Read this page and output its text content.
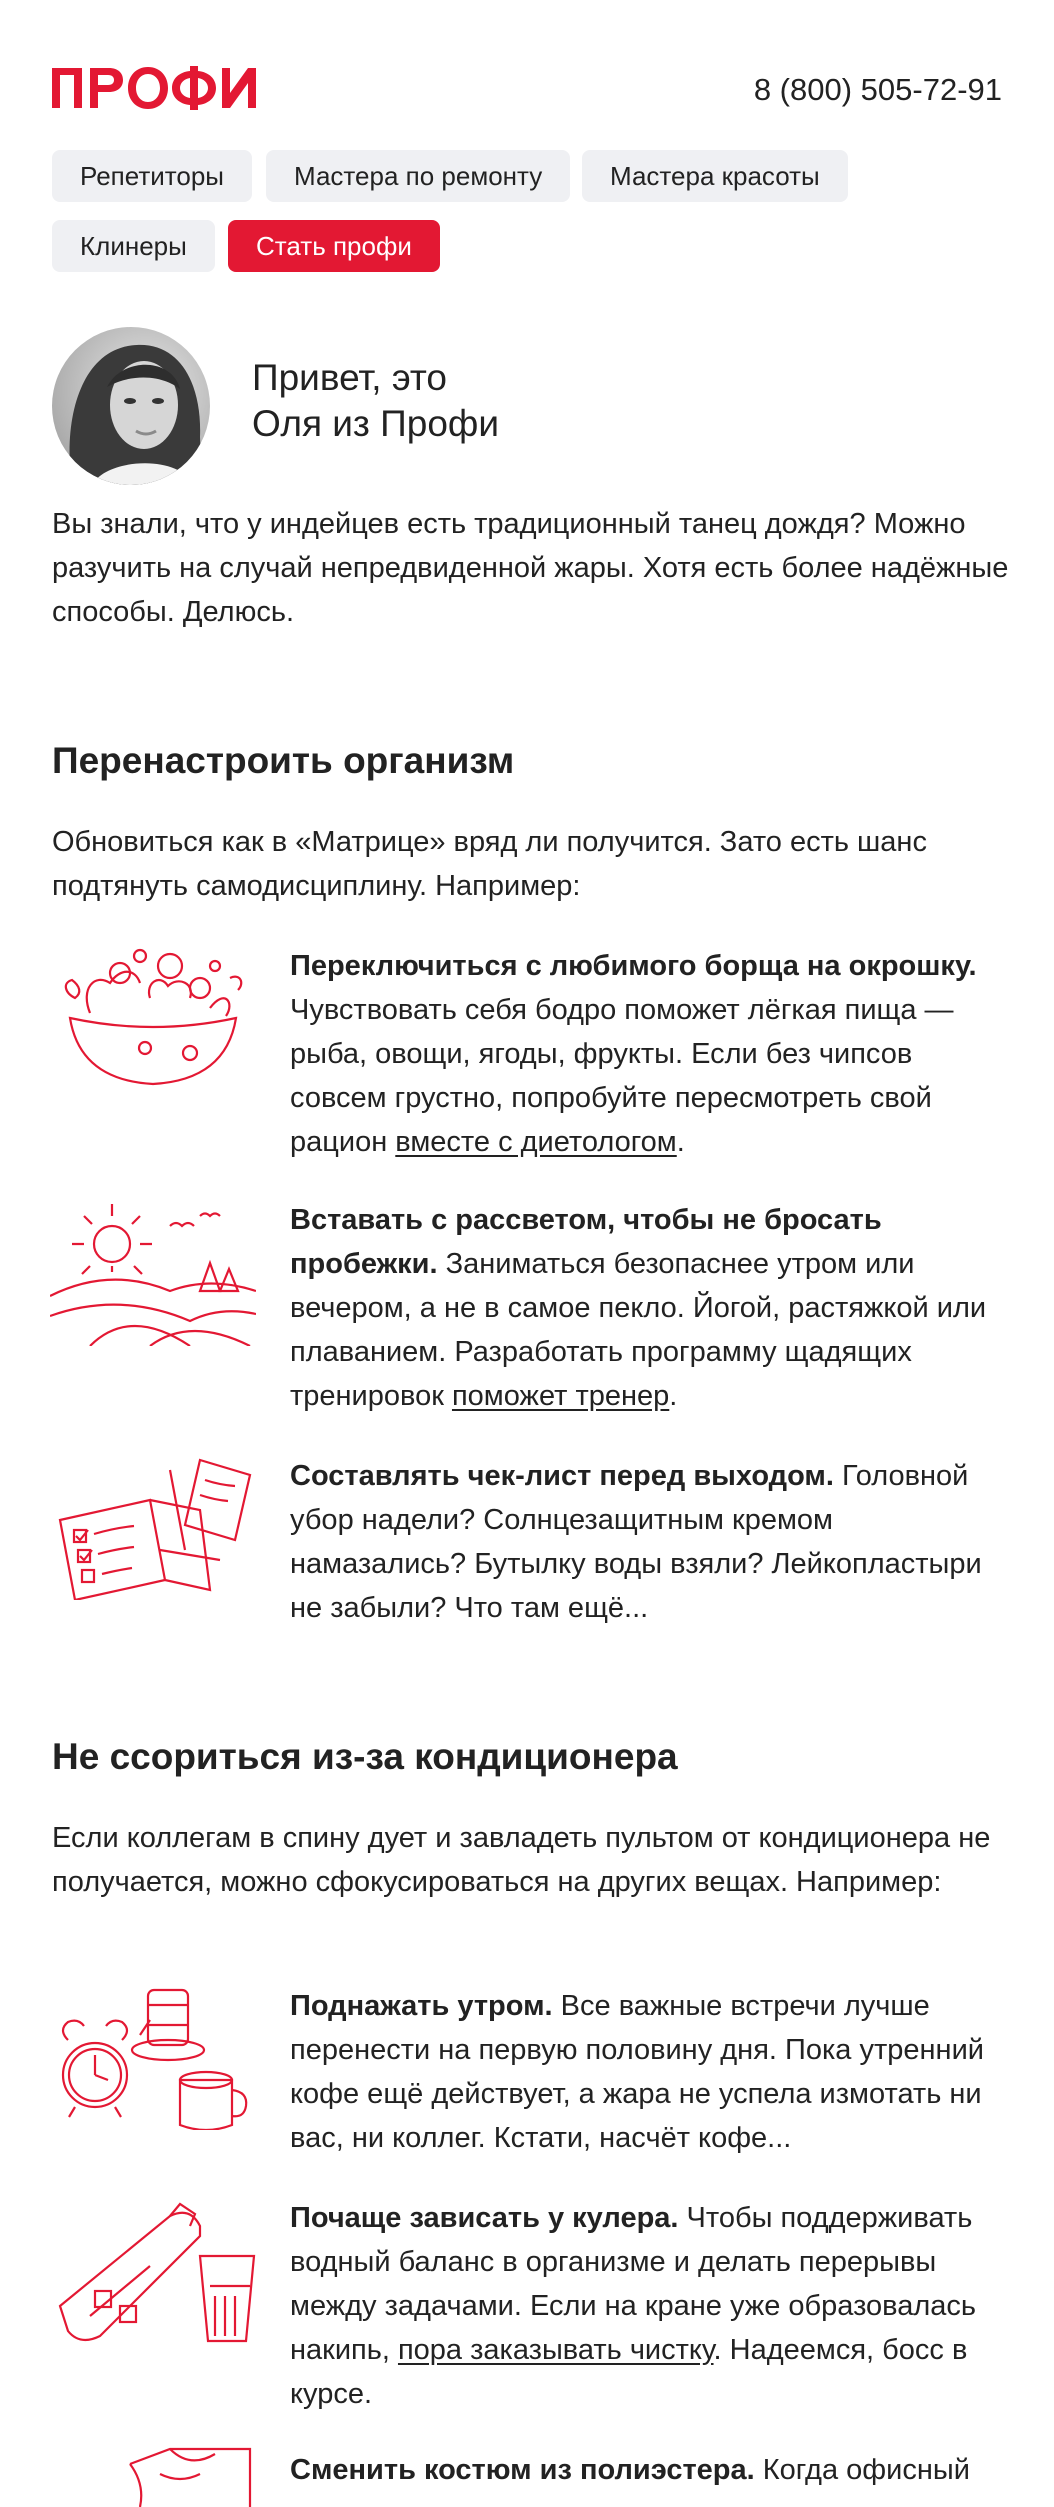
8 (800) 505-72-91
Репетиторы	Мастера по ремонту	Мастера красоты
Клинеры	Стать профи
Привет, это
Оля из Профи
Вы знали, что у индейцев есть традиционный танец дождя? Можно разучить на случай непредвиденной жары. Хотя есть более надёжные способы. Делюсь.
Перенастроить организм
Обновиться как в «Матрице» вряд ли получится. Зато есть шанс подтянуть самодисциплину. Например:
Переключиться с любимого борща на окрошку. Чувствовать себя бодро поможет лёгкая пища — рыба, овощи, ягоды, фрукты. Если без чипсов совсем грустно, попробуйте пересмотреть свой рацион вместе с диетологом.
Вставать с рассветом, чтобы не бросать пробежки. Заниматься безопаснее утром или вечером, а не в самое пекло. Йогой, растяжкой или плаванием. Разработать программу щадящих тренировок поможет тренер.
Составлять чек-лист перед выходом. Головной убор надели? Солнцезащитным кремом намазались? Бутылку воды взяли? Лейкопластыри не забыли? Что там ещё...
Не ссориться из-за кондиционера
Если коллегам в спину дует и завладеть пультом от кондиционера не получается, можно сфокусироваться на других вещах. Например:
Поднажать утром. Все важные встречи лучше перенести на первую половину дня. Пока утренний кофе ещё действует, а жара не успела измотать ни вас, ни коллег. Кстати, насчёт кофе...
Почаще зависать у кулера. Чтобы поддерживать водный баланс в организме и делать перерывы между задачами. Если на кране уже образовалась накипь, пора заказывать чистку. Надеемся, босс в курсе.
Сменить костюм из полиэстера. Когда офисный
